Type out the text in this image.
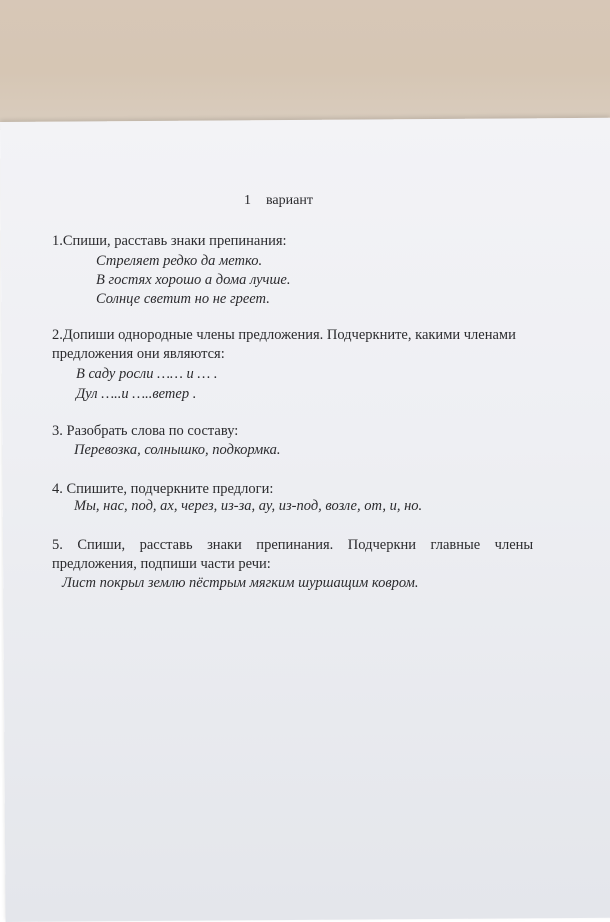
1 вариант
1.Спиши, расставь знаки препинания:
Стреляет редко да метко.
В гостях хорошо а дома лучше.
Солнце светит но не греет.
2.Допиши однородные члены предложения. Подчеркните, какими членами
предложения они являются:
В саду росли …… и … .
Дул …..и …..ветер .
3. Разобрать слова по составу:
Перевозка, солнышко, подкормка.
4. Спишите, подчеркните предлоги:
Мы, нас, под, ах, через, из-за, ау, из-под, возле, от, и, но.
5.    Спиши,    расставь    знаки    препинания.    Подчеркни    главные    члены
предложения, подпиши части речи:
Лист покрыл землю пёстрым мягким шуршащим ковром.
